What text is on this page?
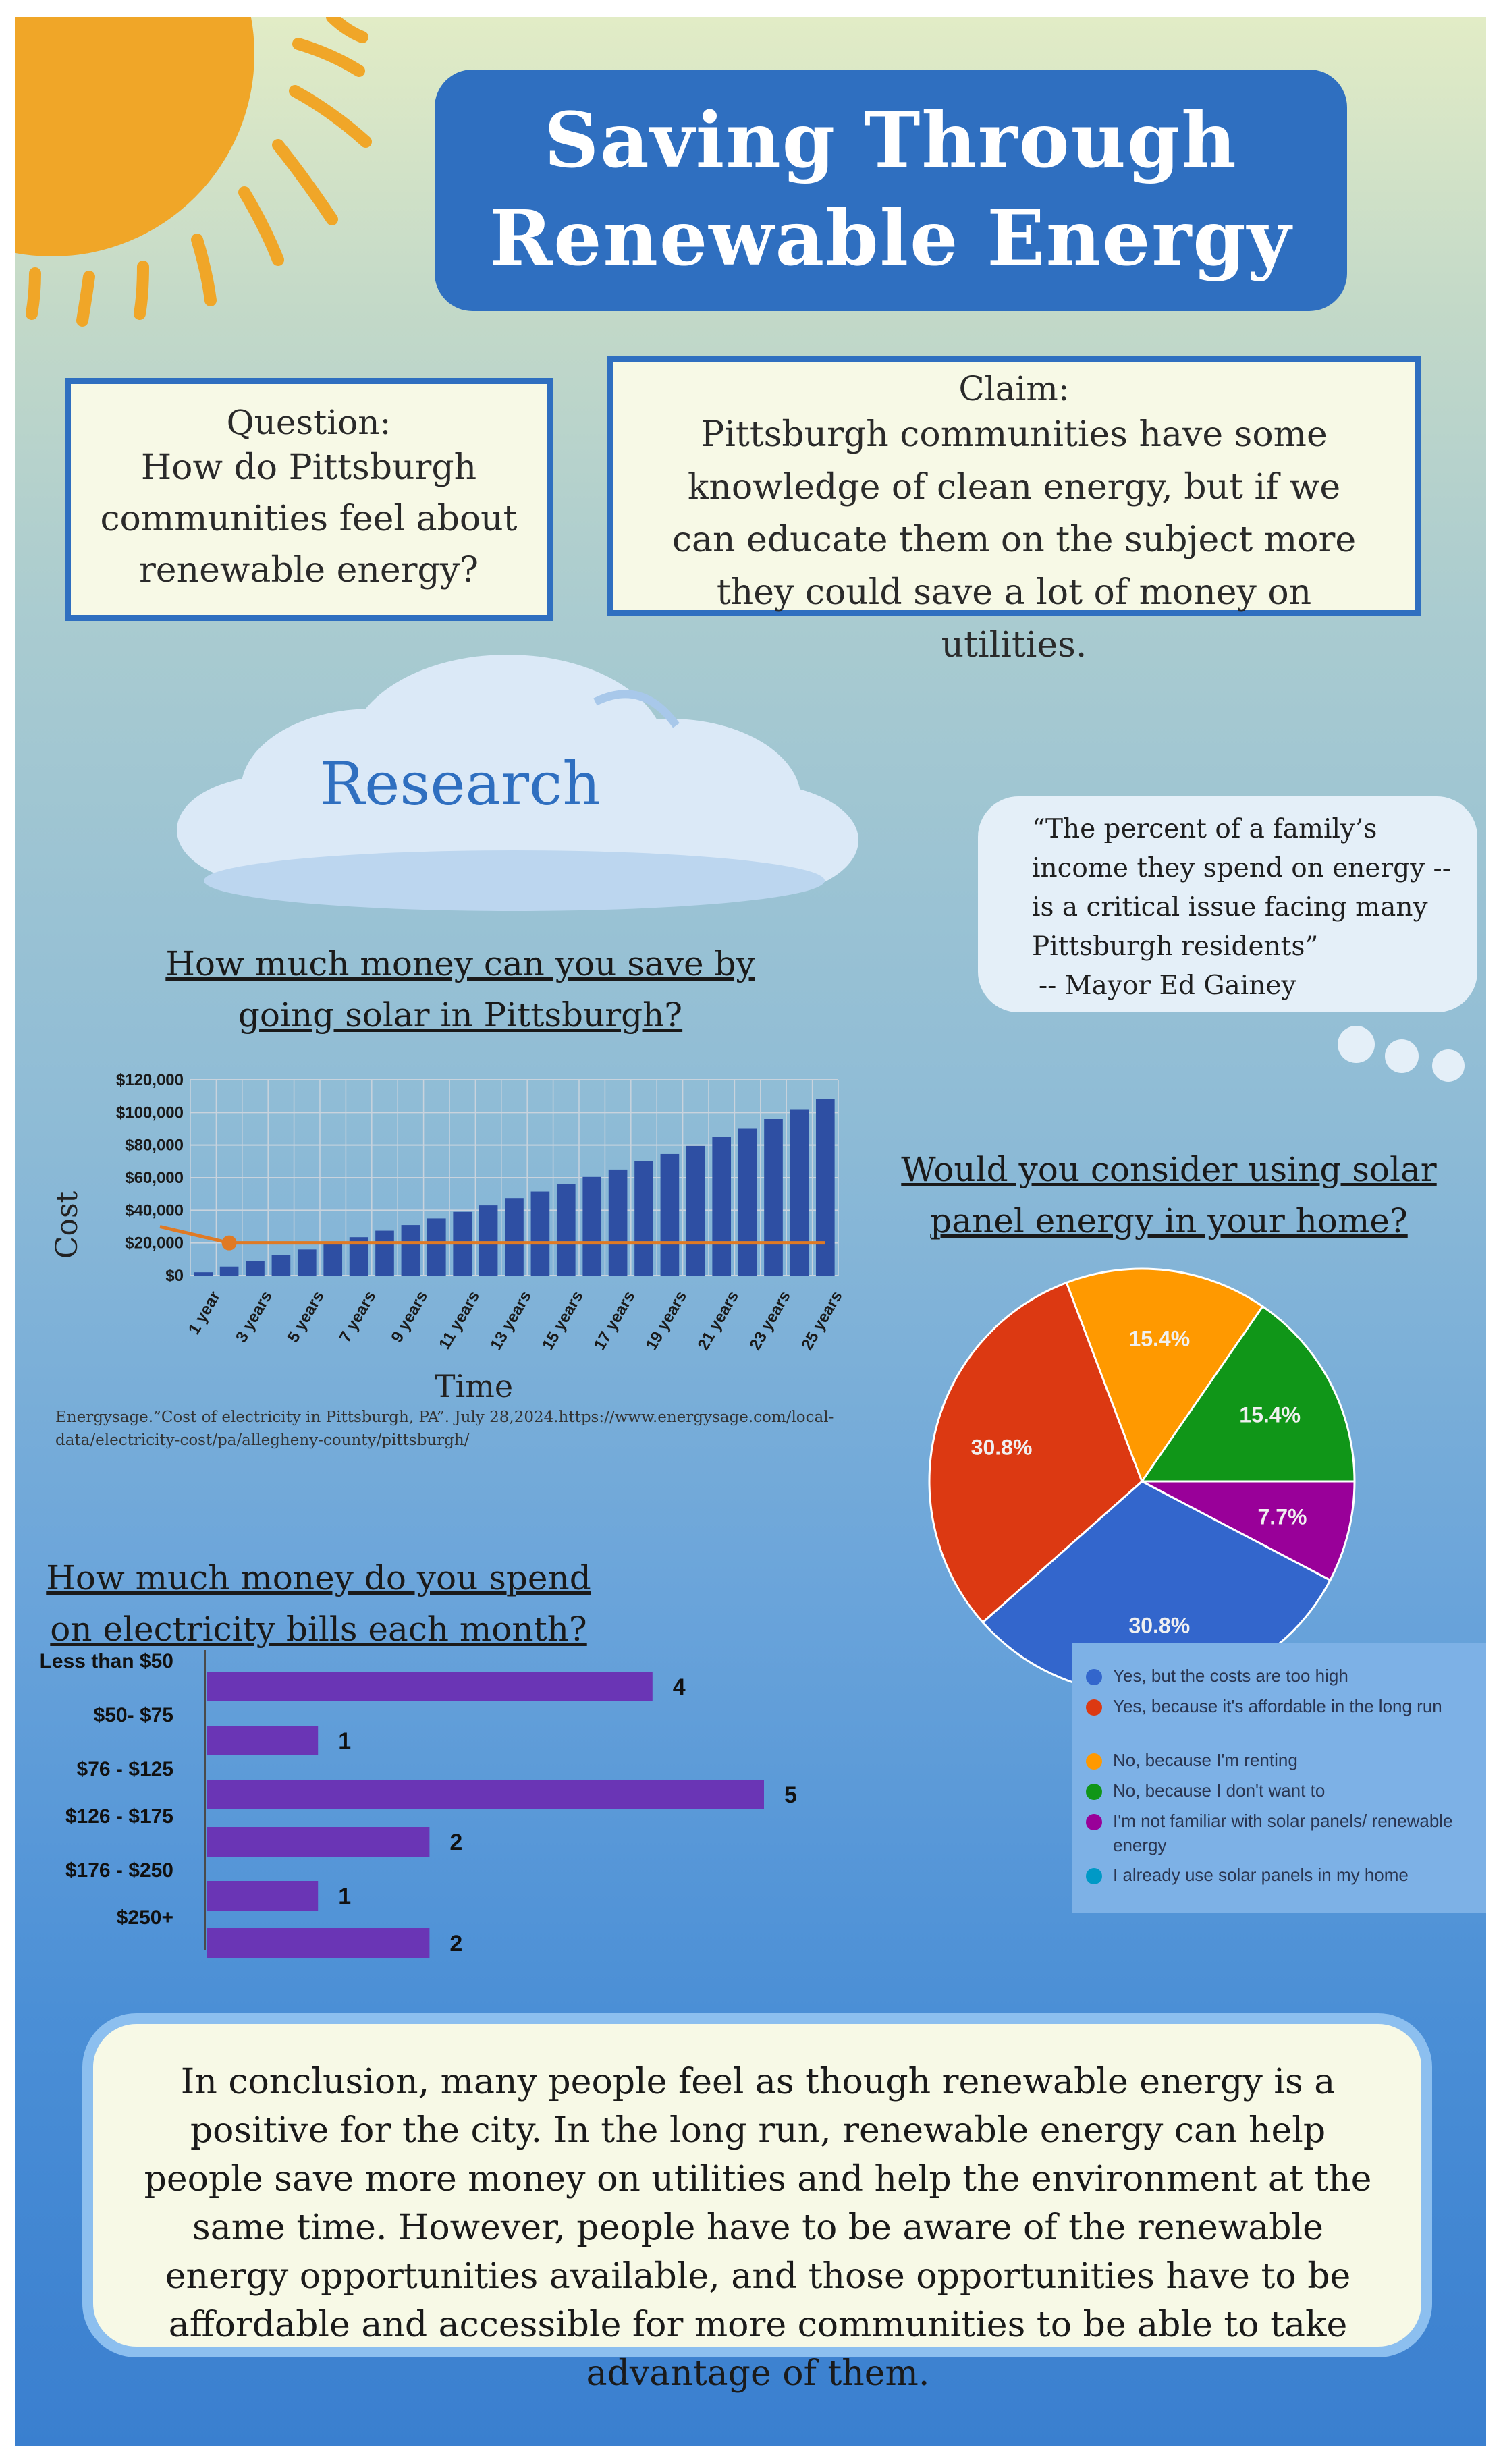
Saving Through
Renewable Energy
Question:
How do Pittsburgh communities feel about renewable energy?
Claim:
Pittsburgh communities have some knowledge of clean energy, but if we can educate them on the subject more they could save a lot of money on utilities.
Research
“The percent of a family’s income they spend on energy -- is a critical issue facing many Pittsburgh residents”
-- Mayor Ed Gainey
How much money can you save by going solar in Pittsburgh?
$0
$20,000
$40,000
$60,000
$80,000
$100,000
$120,000
1 year 3 years 5 years 7 years 9 years 11 years 13 years 15 years 17 years 19 years 21 years 23 years 25 years
Cost
Time
Energysage.”Cost of electricity in Pittsburgh, PA”. July 28,2024.https://www.energysage.com/local-data/electricity-cost/pa/allegheny-county/pittsburgh/
Would you consider using solar panel energy in your home?
7.7%
30.8%
30.8%
15.4%
15.4%
Yes, but the costs are too high
Yes, because it's affordable in the long run
No, because I'm renting
No, because I don't want to
I'm not familiar with solar panels/ renewable energy
I already use solar panels in my home
How much money do you spend on electricity bills each month?
Less than $50
4
$50- $75
1
$76 - $125
5
$126 - $175
2
$176 - $250
1
$250+
2
In conclusion, many people feel as though renewable energy is a positive for the city. In the long run, renewable energy can help people save more money on utilities and help the environment at the same time. However, people have to be aware of the renewable energy opportunities available, and those opportunities have to be affordable and accessible for more communities to be able to take advantage of them.
